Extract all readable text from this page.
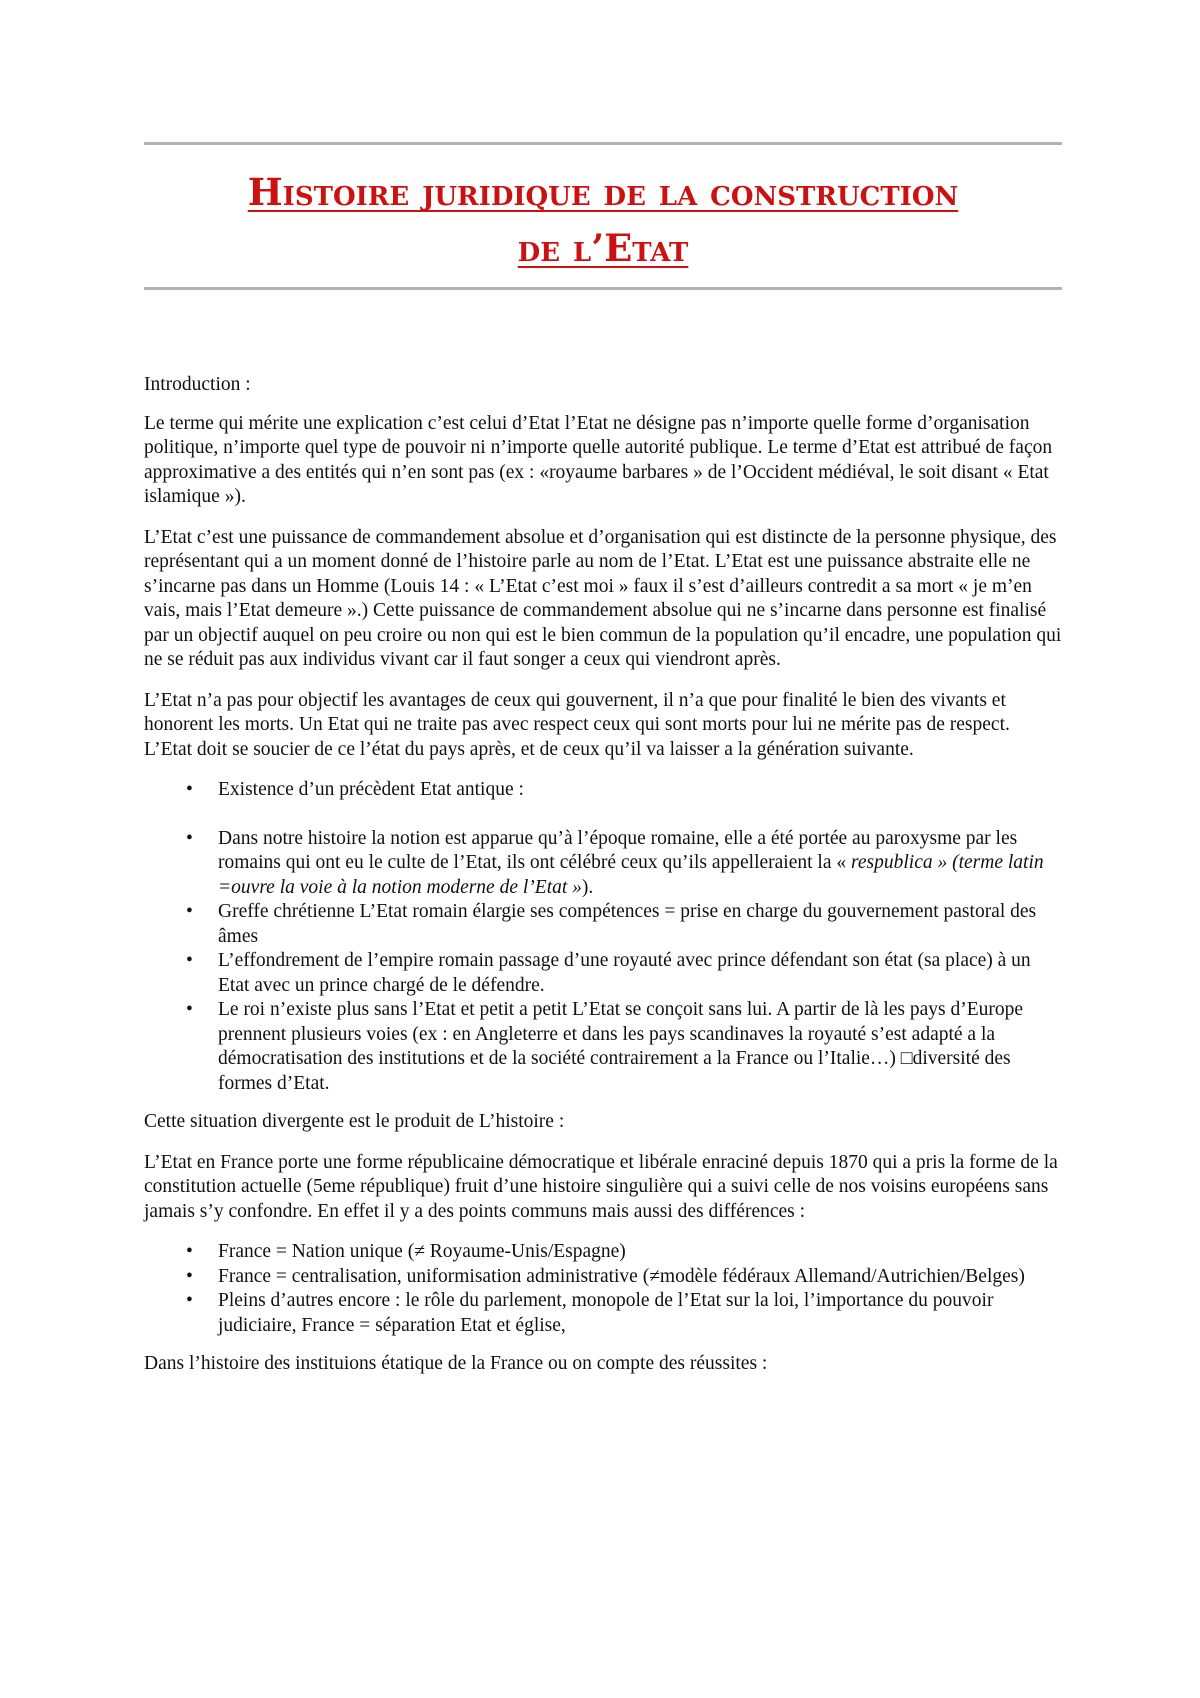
Histoire juridique de la construction
de l’Etat

Introduction :

Le terme qui mérite une explication c’est celui d’Etat l’Etat ne désigne pas n’importe quelle forme d’organisation politique, n’importe quel type de pouvoir ni n’importe quelle autorité publique. Le terme d’Etat est attribué de façon approximative a des entités qui n’en sont pas (ex : «royaume barbares » de l’Occident médiéval, le soit disant « Etat islamique »).

L’Etat c’est une puissance de commandement absolue et d’organisation qui est distincte de la personne physique, des représentant qui a un moment donné de l’histoire parle au nom de l’Etat. L’Etat est une puissance abstraite elle ne s’incarne pas dans un Homme (Louis 14 : « L’Etat c’est moi » faux il s’est d’ailleurs contredit a sa mort « je m’en vais, mais l’Etat demeure ».) Cette puissance de commandement absolue qui ne s’incarne dans personne est finalisé par un objectif auquel on peu croire ou non qui est le bien commun de la population qu’il encadre, une population qui ne se réduit pas aux individus vivant car il faut songer a ceux qui viendront après.

L’Etat n’a pas pour objectif les avantages de ceux qui gouvernent, il n’a que pour finalité le bien des vivants et honorent les morts. Un Etat qui ne traite pas avec respect ceux qui sont morts pour lui ne mérite pas de respect. L’Etat doit se soucier de ce l’état du pays après, et de ceux qu’il va laisser a la génération suivante.

• Existence d’un précèdent Etat antique :
• Dans notre histoire la notion est apparue qu’à l’époque romaine, elle a été portée au paroxysme par les romains qui ont eu le culte de l’Etat, ils ont célébré ceux qu’ils appelleraient la « respublica » (terme latin =ouvre la voie à la notion moderne de l’Etat »).
• Greffe chrétienne L’Etat romain élargie ses compétences = prise en charge du gouvernement pastoral des âmes
• L’effondrement de l’empire romain passage d’une royauté avec prince défendant son état (sa place) à un Etat avec un prince chargé de le défendre.
• Le roi n’existe plus sans l’Etat et petit a petit L’Etat se conçoit sans lui. A partir de là les pays d’Europe prennent plusieurs voies (ex : en Angleterre et dans les pays scandinaves la royauté s’est adapté a la démocratisation des institutions et de la société contrairement a la France ou l’Italie…) □diversité des formes d’Etat.

Cette situation divergente est le produit de L’histoire :

L’Etat en France porte une forme républicaine démocratique et libérale enraciné depuis 1870 qui a pris la forme de la constitution actuelle (5eme république) fruit d’une histoire singulière qui a suivi celle de nos voisins européens sans jamais s’y confondre. En effet il y a des points communs mais aussi des différences :

• France = Nation unique (≠ Royaume-Unis/Espagne)
• France = centralisation, uniformisation administrative (≠modèle fédéraux Allemand/Autrichien/Belges)
• Pleins d’autres encore : le rôle du parlement, monopole de l’Etat sur la loi, l’importance du pouvoir judiciaire, France = séparation Etat et église,

Dans l’histoire des instituions étatique de la France ou on compte des réussites :
